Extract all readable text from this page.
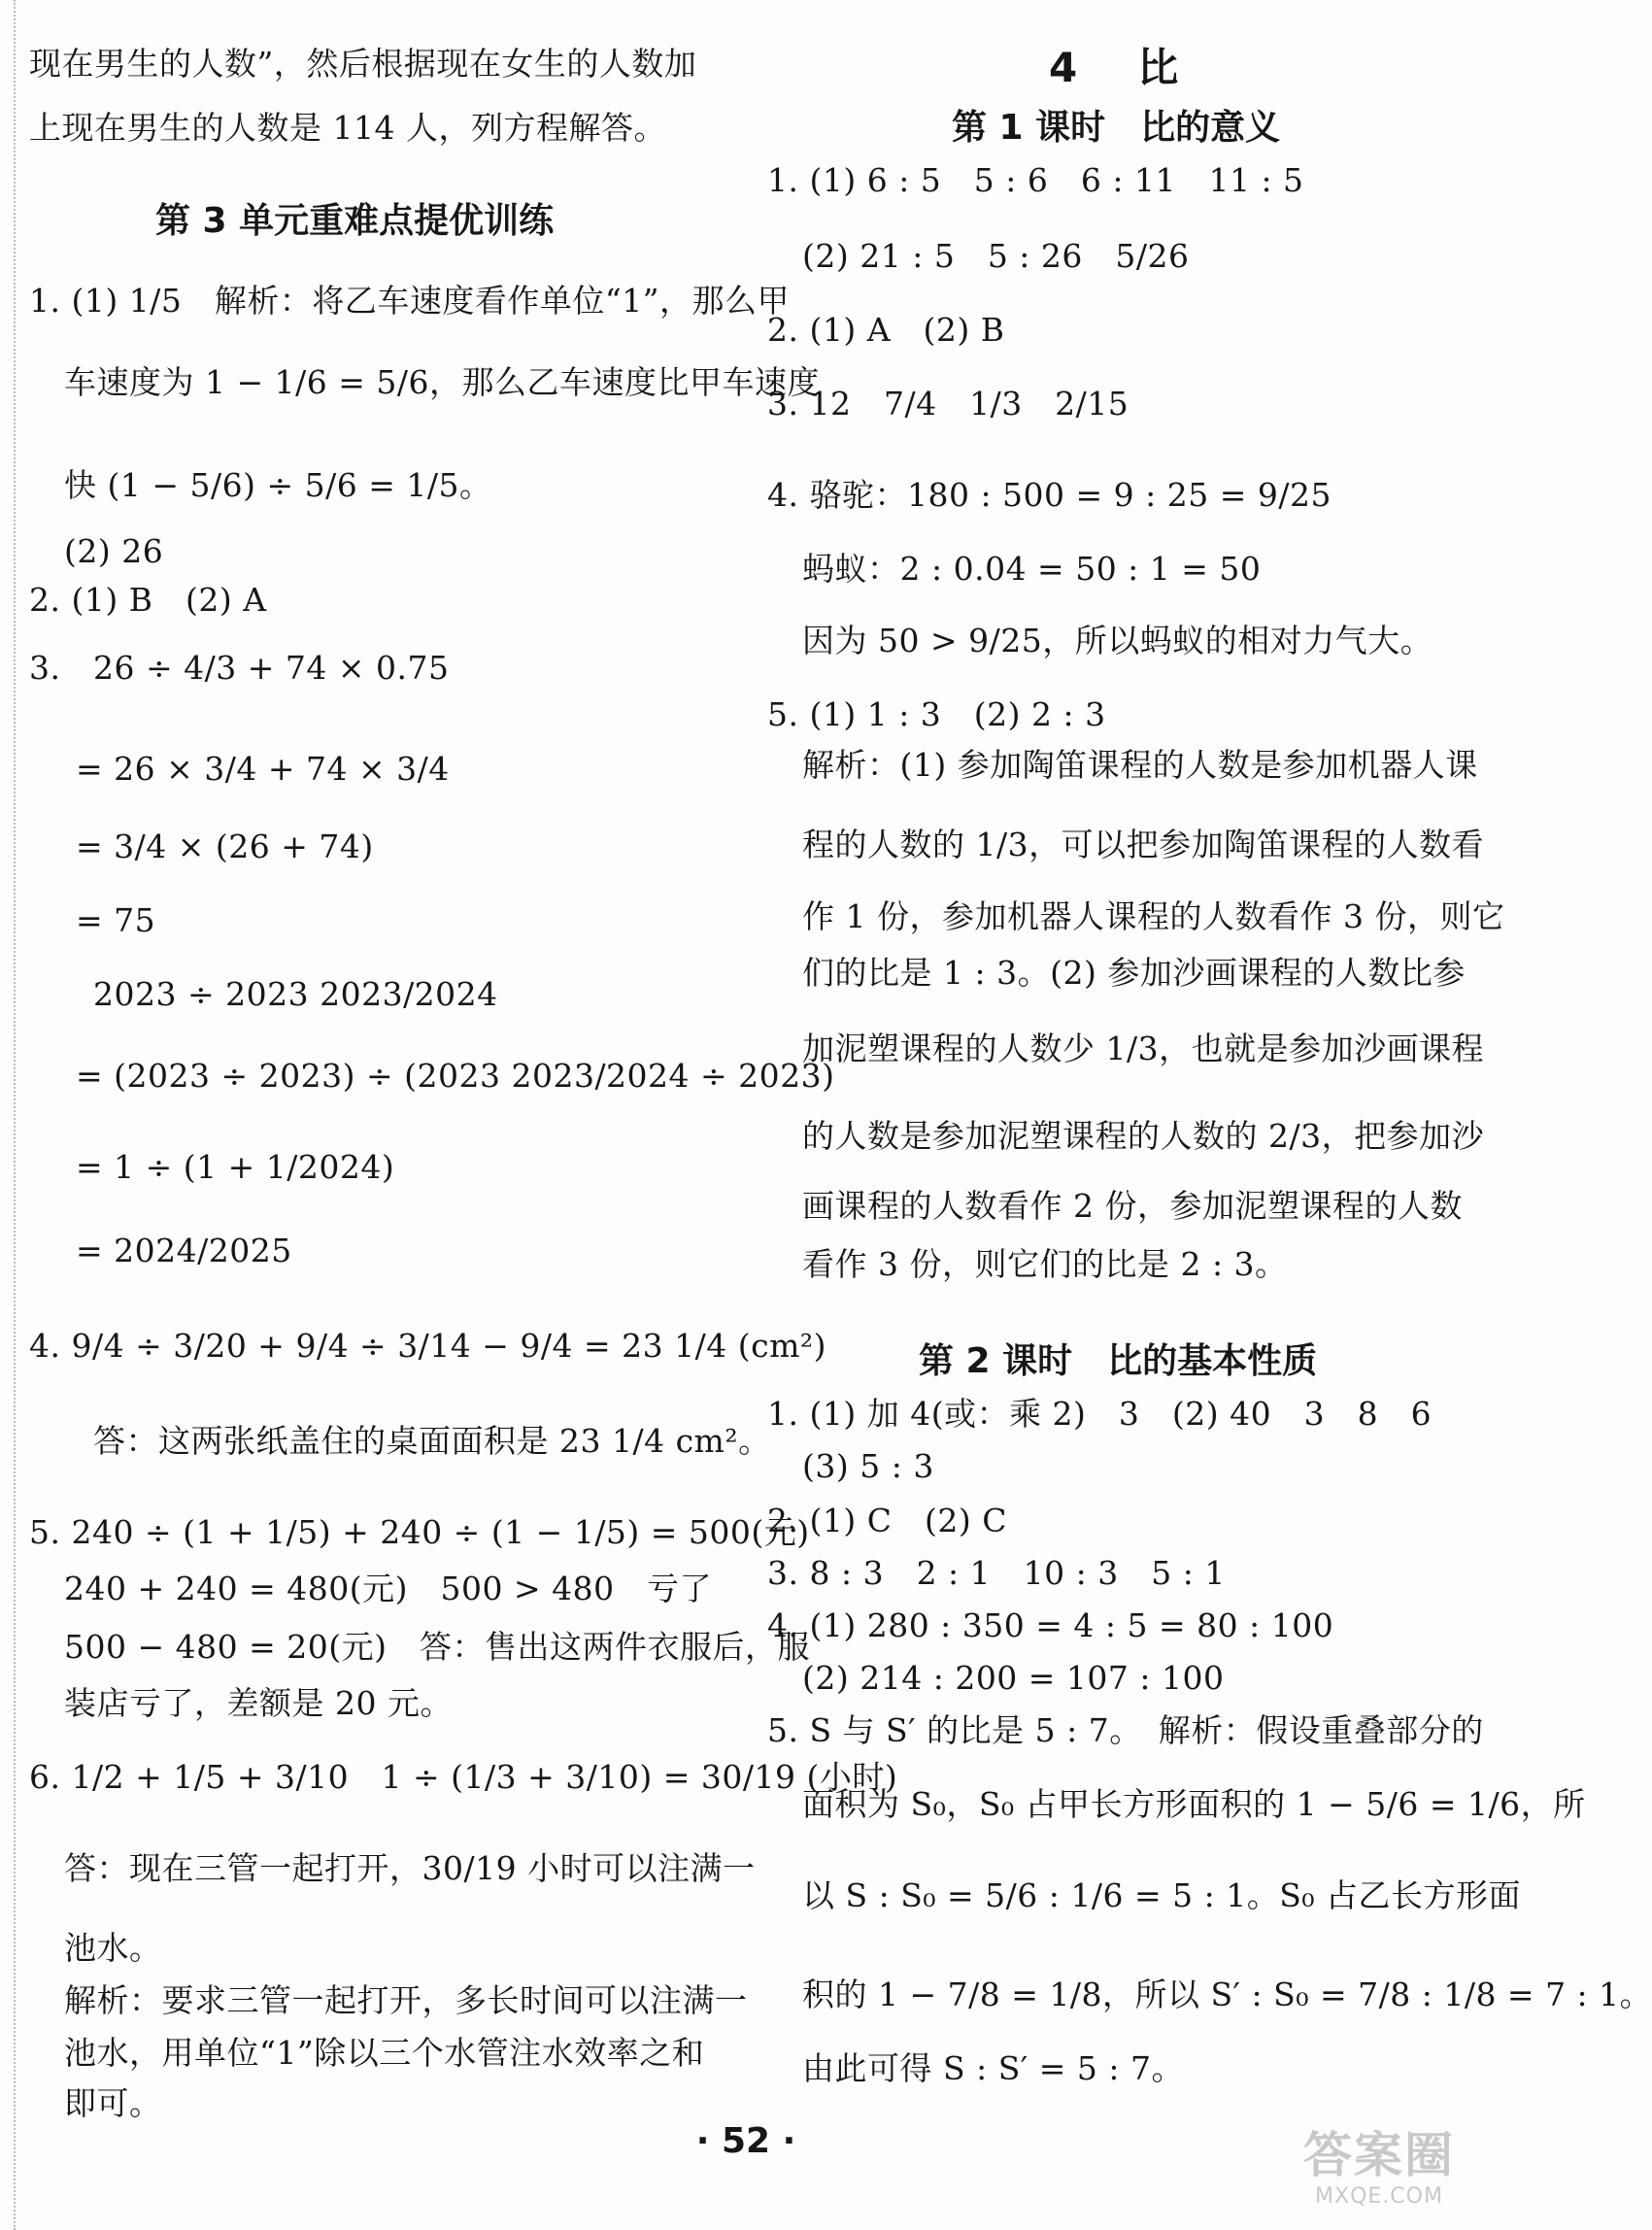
现在男生的人数”，然后根据现在女生的人数加
上现在男生的人数是 114 人，列方程解答。
第 3 单元重难点提优训练
1. (1) 1/5　解析：将乙车速度看作单位“1”，那么甲
车速度为 1 − 1/6 = 5/6，那么乙车速度比甲车速度
快 (1 − 5/6) ÷ 5/6 = 1/5。
(2) 26
2. (1) B　(2) A
3.　26 ÷ 4/3 + 74 × 0.75
= 26 × 3/4 + 74 × 3/4
= 3/4 × (26 + 74)
= 75
2023 ÷ 2023 2023/2024
= (2023 ÷ 2023) ÷ (2023 2023/2024 ÷ 2023)
= 1 ÷ (1 + 1/2024)
= 2024/2025
4. 9/4 ÷ 3/20 + 9/4 ÷ 3/14 − 9/4 = 23 1/4 (cm²)
答：这两张纸盖住的桌面面积是 23 1/4 cm²。
5. 240 ÷ (1 + 1/5) + 240 ÷ (1 − 1/5) = 500(元)
240 + 240 = 480(元)　500 > 480　亏了
500 − 480 = 20(元)　答：售出这两件衣服后，服
装店亏了，差额是 20 元。
6. 1/2 + 1/5 + 3/10　1 ÷ (1/3 + 3/10) = 30/19 (小时)
答：现在三管一起打开，30/19 小时可以注满一
池水。
解析：要求三管一起打开，多长时间可以注满一
池水，用单位“1”除以三个水管注水效率之和
即可。
4　比
第 1 课时　比的意义
1. (1) 6 : 5　5 : 6　6 : 11　11 : 5
(2) 21 : 5　5 : 26　5/26
2. (1) A　(2) B
3. 12　7/4　1/3　2/15
4. 骆驼：180 : 500 = 9 : 25 = 9/25
蚂蚁：2 : 0.04 = 50 : 1 = 50
因为 50 > 9/25，所以蚂蚁的相对力气大。
5. (1) 1 : 3　(2) 2 : 3
解析：(1) 参加陶笛课程的人数是参加机器人课
程的人数的 1/3，可以把参加陶笛课程的人数看
作 1 份，参加机器人课程的人数看作 3 份，则它
们的比是 1 : 3。(2) 参加沙画课程的人数比参
加泥塑课程的人数少 1/3，也就是参加沙画课程
的人数是参加泥塑课程的人数的 2/3，把参加沙
画课程的人数看作 2 份，参加泥塑课程的人数
看作 3 份，则它们的比是 2 : 3。
第 2 课时　比的基本性质
1. (1) 加 4(或：乘 2)　3　(2) 40　3　8　6
(3) 5 : 3
2. (1) C　(2) C
3. 8 : 3　2 : 1　10 : 3　5 : 1
4. (1) 280 : 350 = 4 : 5 = 80 : 100
(2) 214 : 200 = 107 : 100
5. S 与 S′ 的比是 5 : 7。　解析：假设重叠部分的
面积为 S₀，S₀ 占甲长方形面积的 1 − 5/6 = 1/6，所
以 S : S₀ = 5/6 : 1/6 = 5 : 1。S₀ 占乙长方形面
积的 1 − 7/8 = 1/8，所以 S′ : S₀ = 7/8 : 1/8 = 7 : 1。
由此可得 S : S′ = 5 : 7。
· 52 ·	答案圈
MXQE.COM
